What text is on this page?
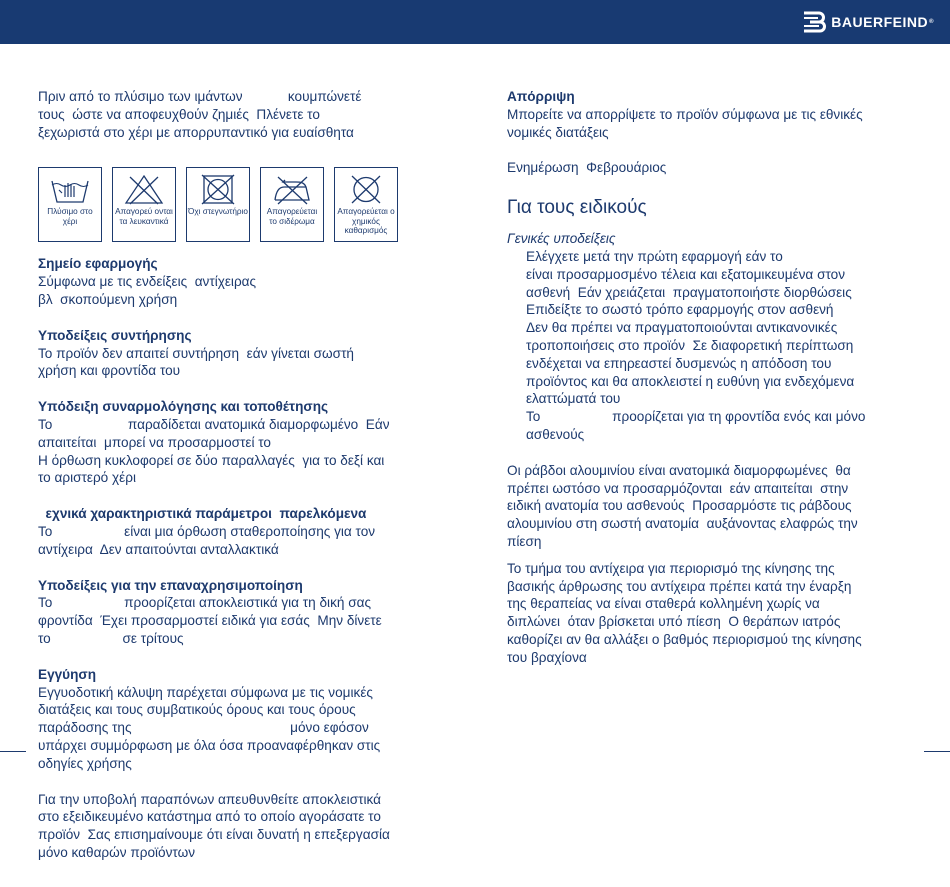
BAUERFEIND ®

Πριν από το πλύσιμο των ιμάντων            κουμπώνετέ

τους  ώστε να αποφευχθούν ζημιές  Πλένετε το

ξεχωριστά στο χέρι με απορρυπαντικό για ευαίσθητα

Πλύσιμο στο χέρι
Απαγορεύ ονται τα λευκαντικά
Όχι στεγνωτήριο	Απαγορεύεται το σιδέρωμα
Απαγορεύεται ο χημικός καθαρισμός

Σημείο εφαρμογής

Σύμφωνα με τις ενδείξεις  αντίχειρας

βλ  σκοπούμενη χρήση

Υποδείξεις συντήρησης

Το προϊόν δεν απαιτεί συντήρηση  εάν γίνεται σωστή

χρήση και φροντίδα του

Υπόδειξη συναρμολόγησης και τοποθέτησης

Το                    παραδίδεται ανατομικά διαμορφωμένο  Εάν

απαιτείται  μπορεί να προσαρμοστεί το

Η όρθωση κυκλοφορεί σε δύο παραλλαγές  για το δεξί και

το αριστερό χέρι

εχνικά χαρακτηριστικά παράμετροι  παρελκόμενα

Το                   είναι μια όρθωση σταθεροποίησης για τον

αντίχειρα  Δεν απαιτούνται ανταλλακτικά

Υποδείξεις για την επαναχρησιμοποίηση

Το                   προορίζεται αποκλειστικά για τη δική σας

φροντίδα  Έχει προσαρμοστεί ειδικά για εσάς  Μην δίνετε

το                   σε τρίτους

Εγγύηση

Εγγυοδοτική κάλυψη παρέχεται σύμφωνα με τις νομικές

διατάξεις και τους συμβατικούς όρους και τους όρους

παράδοσης της                                          μόνο εφόσον

υπάρχει συμμόρφωση με όλα όσα προαναφέρθηκαν στις

οδηγίες χρήσης

Για την υποβολή παραπόνων απευθυνθείτε αποκλειστικά

στο εξειδικευμένο κατάστημα από το οποίο αγοράσατε το

προϊόν  Σας επισημαίνουμε ότι είναι δυνατή η επεξεργασία

μόνο καθαρών προϊόντων

Απόρριψη

Μπορείτε να απορρίψετε το προϊόν σύμφωνα με τις εθνικές

νομικές διατάξεις

Ενημέρωση  Φεβρουάριος

Για τους ειδικούς

Γενικές υποδείξεις

Ελέγχετε μετά την πρώτη εφαρμογή εάν το

είναι προσαρμοσμένο τέλεια και εξατομικευμένα στον

ασθενή  Εάν χρειάζεται  πραγματοποιήστε διορθώσεις

Επιδείξτε το σωστό τρόπο εφαρμογής στον ασθενή

Δεν θα πρέπει να πραγματοποιούνται αντικανονικές

τροποποιήσεις στο προϊόν  Σε διαφορετική περίπτωση

ενδέχεται να επηρεαστεί δυσμενώς η απόδοση του

προϊόντος και θα αποκλειστεί η ευθύνη για ενδεχόμενα

ελαττώματά του

Το                   προορίζεται για τη φροντίδα ενός και μόνο

ασθενούς

Οι ράβδοι αλουμινίου είναι ανατομικά διαμορφωμένες  θα

πρέπει ωστόσο να προσαρμόζονται  εάν απαιτείται  στην

ειδική ανατομία του ασθενούς  Προσαρμόστε τις ράβδους

αλουμινίου στη σωστή ανατομία  αυξάνοντας ελαφρώς την

πίεση

Το τμήμα του αντίχειρα για περιορισμό της κίνησης της

βασικής άρθρωσης του αντίχειρα πρέπει κατά την έναρξη

της θεραπείας να είναι σταθερά κολλημένη χωρίς να

διπλώνει  όταν βρίσκεται υπό πίεση  Ο θεράπων ιατρός

καθορίζει αν θα αλλάξει ο βαθμός περιορισμού της κίνησης

του βραχίονα
